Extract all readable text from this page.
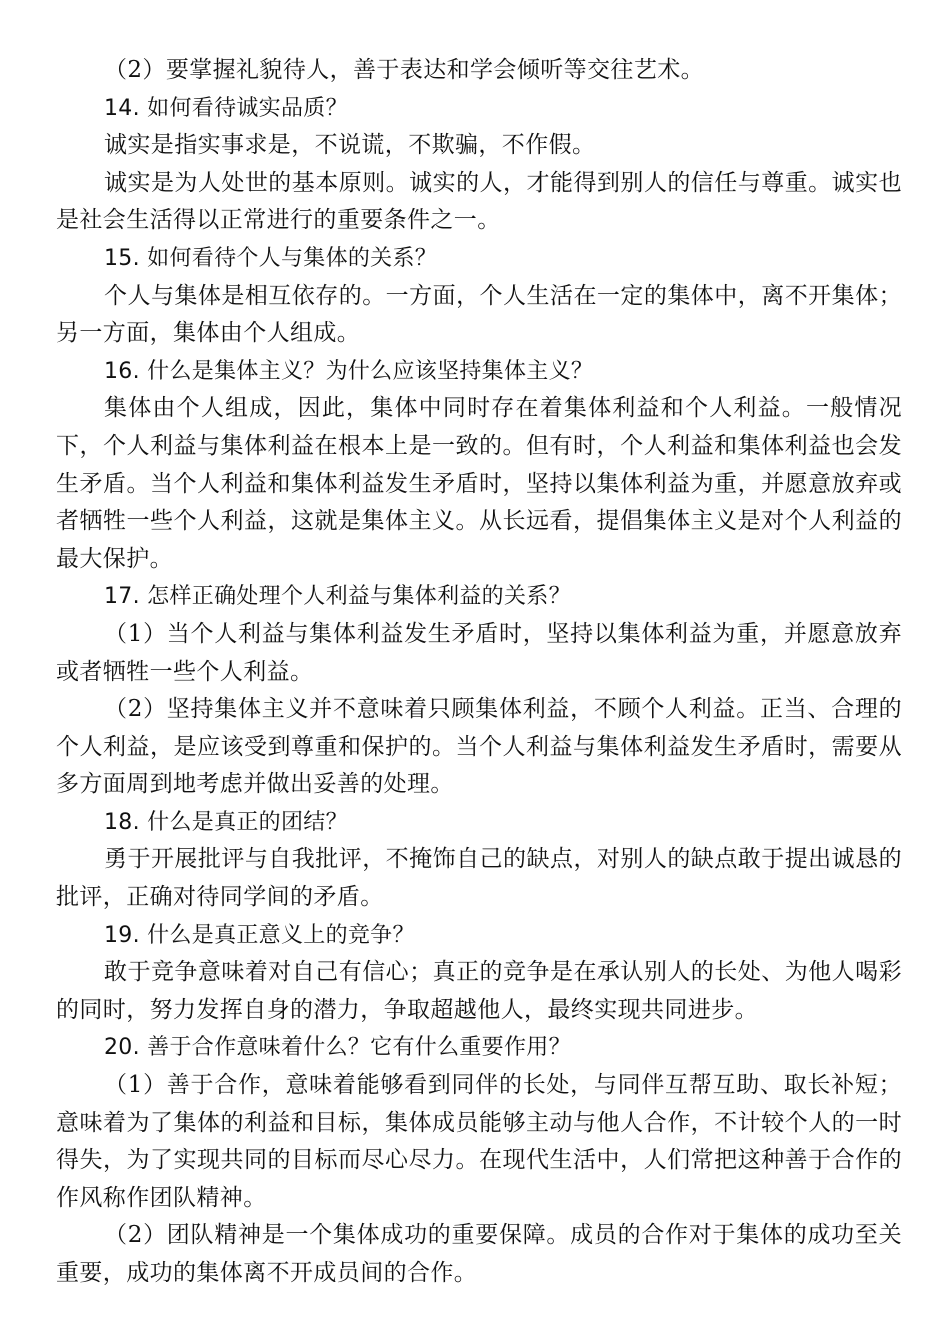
（2）要掌握礼貌待人，善于表达和学会倾听等交往艺术。
14. 如何看待诚实品质？
诚实是指实事求是，不说谎，不欺骗，不作假。
诚实是为人处世的基本原则。诚实的人，才能得到别人的信任与尊重。诚实也是社会生活得以正常进行的重要条件之一。
15. 如何看待个人与集体的关系？
个人与集体是相互依存的。一方面，个人生活在一定的集体中，离不开集体；另一方面，集体由个人组成。
16. 什么是集体主义？为什么应该坚持集体主义？
集体由个人组成，因此，集体中同时存在着集体利益和个人利益。一般情况下，个人利益与集体利益在根本上是一致的。但有时，个人利益和集体利益也会发生矛盾。当个人利益和集体利益发生矛盾时，坚持以集体利益为重，并愿意放弃或者牺牲一些个人利益，这就是集体主义。从长远看，提倡集体主义是对个人利益的最大保护。
17. 怎样正确处理个人利益与集体利益的关系？
（1）当个人利益与集体利益发生矛盾时，坚持以集体利益为重，并愿意放弃或者牺牲一些个人利益。
（2）坚持集体主义并不意味着只顾集体利益，不顾个人利益。正当、合理的个人利益，是应该受到尊重和保护的。当个人利益与集体利益发生矛盾时，需要从多方面周到地考虑并做出妥善的处理。
18. 什么是真正的团结？
勇于开展批评与自我批评，不掩饰自己的缺点，对别人的缺点敢于提出诚恳的批评，正确对待同学间的矛盾。
19. 什么是真正意义上的竞争？
敢于竞争意味着对自己有信心；真正的竞争是在承认别人的长处、为他人喝彩的同时，努力发挥自身的潜力，争取超越他人，最终实现共同进步。
20. 善于合作意味着什么？它有什么重要作用？
（1）善于合作，意味着能够看到同伴的长处，与同伴互帮互助、取长补短；意味着为了集体的利益和目标，集体成员能够主动与他人合作，不计较个人的一时得失，为了实现共同的目标而尽心尽力。在现代生活中，人们常把这种善于合作的作风称作团队精神。
（2）团队精神是一个集体成功的重要保障。成员的合作对于集体的成功至关重要，成功的集体离不开成员间的合作。
